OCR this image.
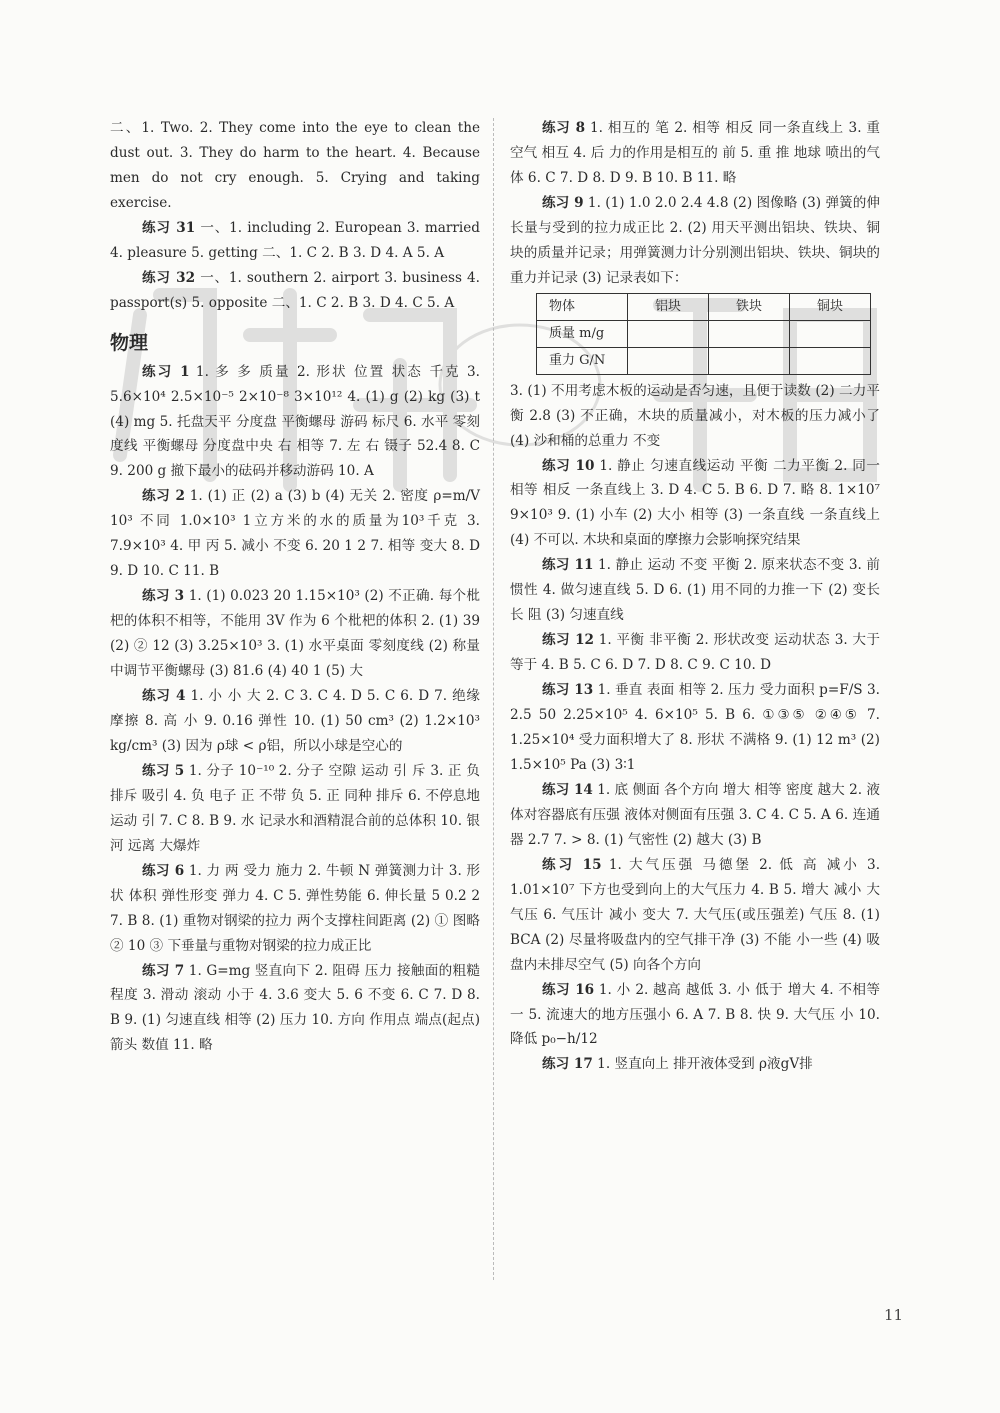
二、1. Two. 2. They come into the eye to clean the dust out. 3. They do harm to the heart. 4. Because men do not cry enough. 5. Crying and taking exercise.

练习 31 一、1. including 2. European 3. married 4. pleasure 5. getting 二、1. C 2. B 3. D 4. A 5. A

练习 32 一、1. southern 2. airport 3. business 4. passport(s) 5. opposite 二、1. C 2. B 3. D 4. C 5. A

物理

练习 1 1. 多 多 质量 2. 形状 位置 状态 千克 3. 5.6×10⁴ 2.5×10⁻⁵ 2×10⁻⁸ 3×10¹² 4. (1) g (2) kg (3) t (4) mg 5. 托盘天平 分度盘 平衡螺母 游码 标尺 6. 水平 零刻度线 平衡螺母 分度盘中央 右 相等 7. 左 右 镊子 52.4 8. C 9. 200 g 撤下最小的砝码并移动游码 10. A

练习 2 1. (1) 正 (2) a (3) b (4) 无关 2. 密度 ρ=m/V 10³ 不同 1.0×10³ 1立方米的水的质量为10³千克 3. 7.9×10³ 4. 甲 丙 5. 减小 不变 6. 20 1 2 7. 相等 变大 8. D 9. D 10. C 11. B

练习 3 1. (1) 0.023 20 1.15×10³ (2) 不正确. 每个枇杷的体积不相等，不能用 3V 作为 6 个枇杷的体积 2. (1) 39 (2) ② 12 (3) 3.25×10³ 3. (1) 水平桌面 零刻度线 (2) 称量中调节平衡螺母 (3) 81.6 (4) 40 1 (5) 大

练习 4 1. 小 小 大 2. C 3. C 4. D 5. C 6. D 7. 绝缘 摩擦 8. 高 小 9. 0.16 弹性 10. (1) 50 cm³ (2) 1.2×10³ kg/cm³ (3) 因为 ρ球 < ρ铝，所以小球是空心的

练习 5 1. 分子 10⁻¹⁰ 2. 分子 空隙 运动 引 斥 3. 正 负 排斥 吸引 4. 负 电子 正 不带 负 5. 正 同种 排斥 6. 不停息地运动 引 7. C 8. B 9. 水 记录水和酒精混合前的总体积 10. 银河 远离 大爆炸

练习 6 1. 力 两 受力 施力 2. 牛顿 N 弹簧测力计 3. 形状 体积 弹性形变 弹力 4. C 5. 弹性势能 6. 伸长量 5 0.2 2 7. B 8. (1) 重物对钢梁的拉力 两个支撑柱间距离 (2) ① 图略 ② 10 ③ 下垂量与重物对钢梁的拉力成正比

练习 7 1. G=mg 竖直向下 2. 阻碍 压力 接触面的粗糙程度 3. 滑动 滚动 小于 4. 3.6 变大 5. 6 不变 6. C 7. D 8. B 9. (1) 匀速直线 相等 (2) 压力 10. 方向 作用点 端点(起点) 箭头 数值 11. 略

练习 8 1. 相互的 笔 2. 相等 相反 同一条直线上 3. 重 空气 相互 4. 后 力的作用是相互的 前 5. 重 推 地球 喷出的气体 6. C 7. D 8. D 9. B 10. B 11. 略

练习 9 1. (1) 1.0 2.0 2.4 4.8 (2) 图像略 (3) 弹簧的伸长量与受到的拉力成正比 2. (2) 用天平测出铝块、铁块、铜块的质量并记录；用弹簧测力计分别测出铝块、铁块、铜块的重力并记录 (3) 记录表如下：

物体	铝块	铁块	铜块
质量 m/g			
重力 G/N			

3. (1) 不用考虑木板的运动是否匀速，且便于读数 (2) 二力平衡 2.8 (3) 不正确，木块的质量减小，对木板的压力减小了 (4) 沙和桶的总重力 不变

练习 10 1. 静止 匀速直线运动 平衡 二力平衡 2. 同一 相等 相反 一条直线上 3. D 4. C 5. B 6. D 7. 略 8. 1×10⁷ 9×10³ 9. (1) 小车 (2) 大小 相等 (3) 一条直线 一条直线上 (4) 不可以. 木块和桌面的摩擦力会影响探究结果

练习 11 1. 静止 运动 不变 平衡 2. 原来状态不变 3. 前 惯性 4. 做匀速直线 5. D 6. (1) 用不同的力推一下 (2) 变长 长 阻 (3) 匀速直线

练习 12 1. 平衡 非平衡 2. 形状改变 运动状态 3. 大于 等于 4. B 5. C 6. D 7. D 8. C 9. C 10. D

练习 13 1. 垂直 表面 相等 2. 压力 受力面积 p=F/S 3. 2.5 50 2.25×10⁵ 4. 6×10⁵ 5. B 6. ①③⑤ ②④⑤ 7. 1.25×10⁴ 受力面积增大了 8. 形状 不满格 9. (1) 12 m³ (2) 1.5×10⁵ Pa (3) 3∶1

练习 14 1. 底 侧面 各个方向 增大 相等 密度 越大 2. 液体对容器底有压强 液体对侧面有压强 3. C 4. C 5. A 6. 连通器 2.7 7. > 8. (1) 气密性 (2) 越大 (3) B

练习 15 1. 大气压强 马德堡 2. 低 高 减小 3. 1.01×10⁷ 下方也受到向上的大气压力 4. B 5. 增大 减小 大气压 6. 气压计 减小 变大 7. 大气压(或压强差) 气压 8. (1) BCA (2) 尽量将吸盘内的空气排干净 (3) 不能 小一些 (4) 吸盘内未排尽空气 (5) 向各个方向

练习 16 1. 小 2. 越高 越低 3. 小 低于 增大 4. 不相等 一 5. 流速大的地方压强小 6. A 7. B 8. 快 9. 大气压 小 10. 降低 p₀−h/12

练习 17 1. 竖直向上 排开液体受到 ρ液gV排

11
